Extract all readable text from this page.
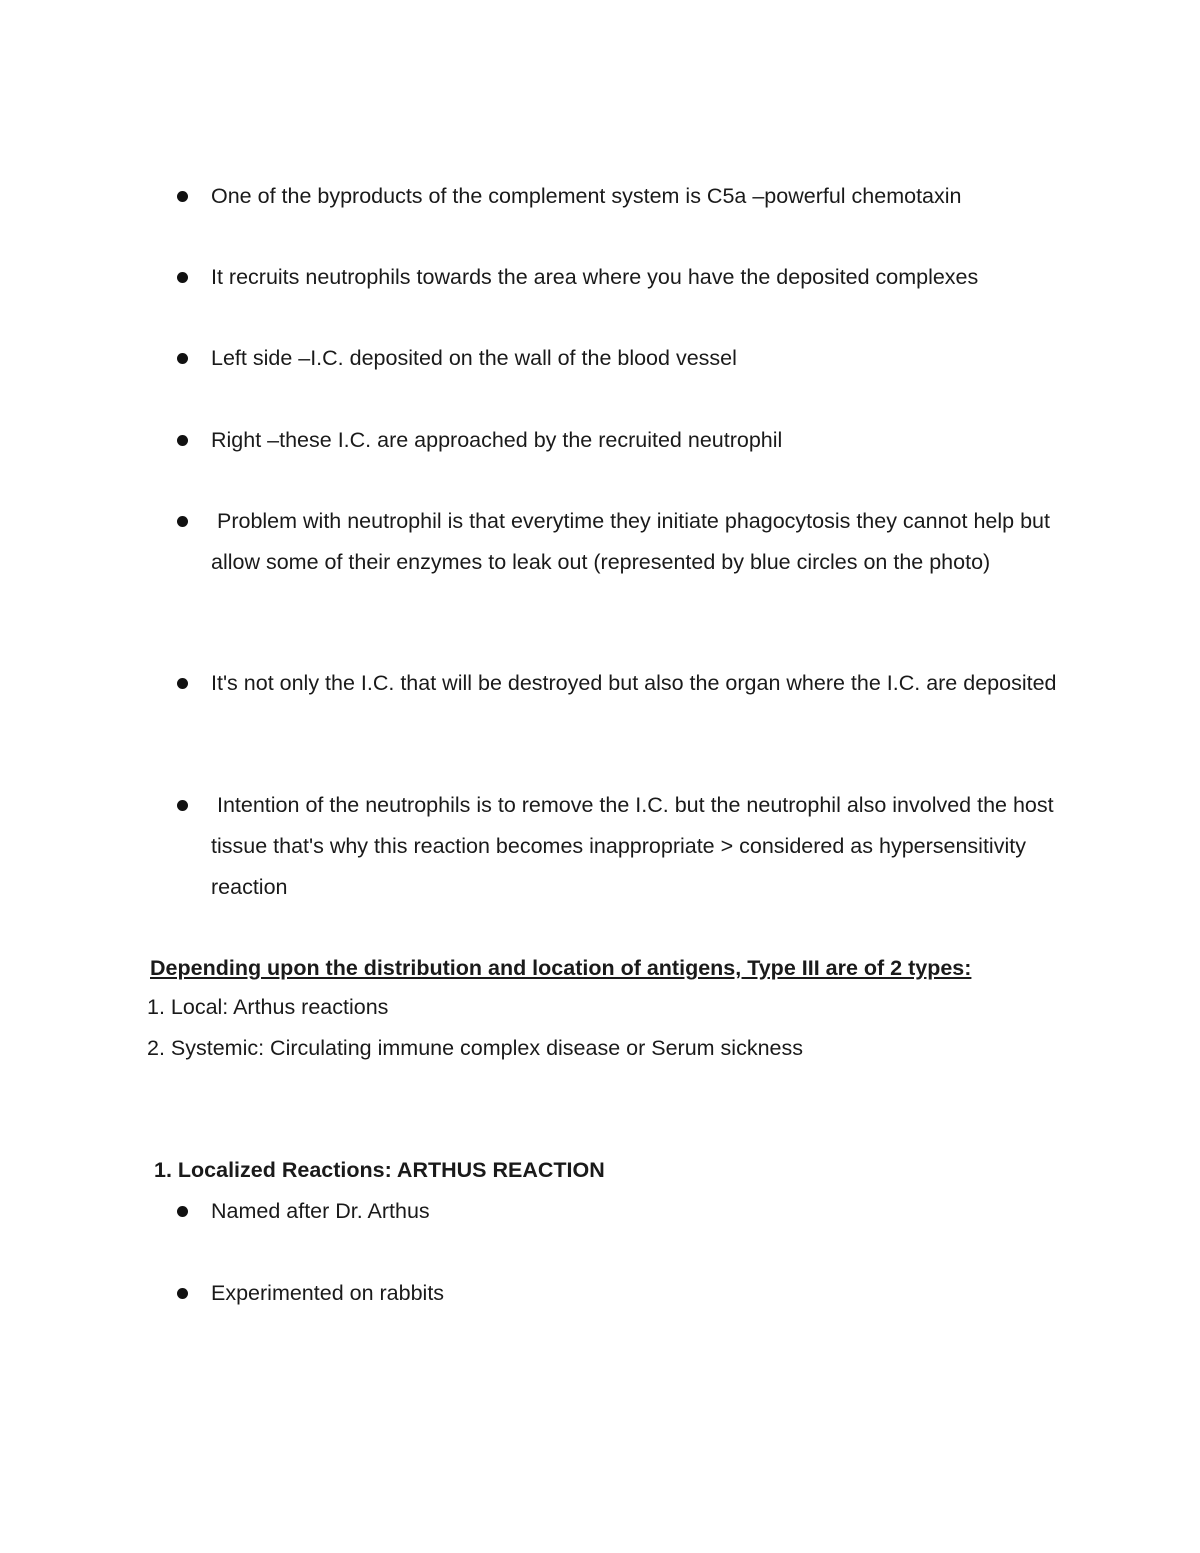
One of the byproducts of the complement system is C5a –powerful chemotaxin
It recruits neutrophils towards the area where you have the deposited complexes
Left side –I.C. deposited on the wall of the blood vessel
Right –these I.C. are approached by the recruited neutrophil
Problem with neutrophil is that everytime they initiate phagocytosis they cannot help but allow some of their enzymes to leak out (represented by blue circles on the photo)
It's not only the I.C. that will be destroyed but also the organ where the I.C. are deposited
Intention of the neutrophils is to remove the I.C. but the neutrophil also involved the host tissue that's why this reaction becomes inappropriate > considered as hypersensitivity reaction
Depending upon the distribution and location of antigens, Type III are of 2 types:

1. Local: Arthus reactions

2. Systemic: Circulating immune complex disease or Serum sickness

1. Localized Reactions: ARTHUS REACTION
Named after Dr. Arthus
Experimented on rabbits
